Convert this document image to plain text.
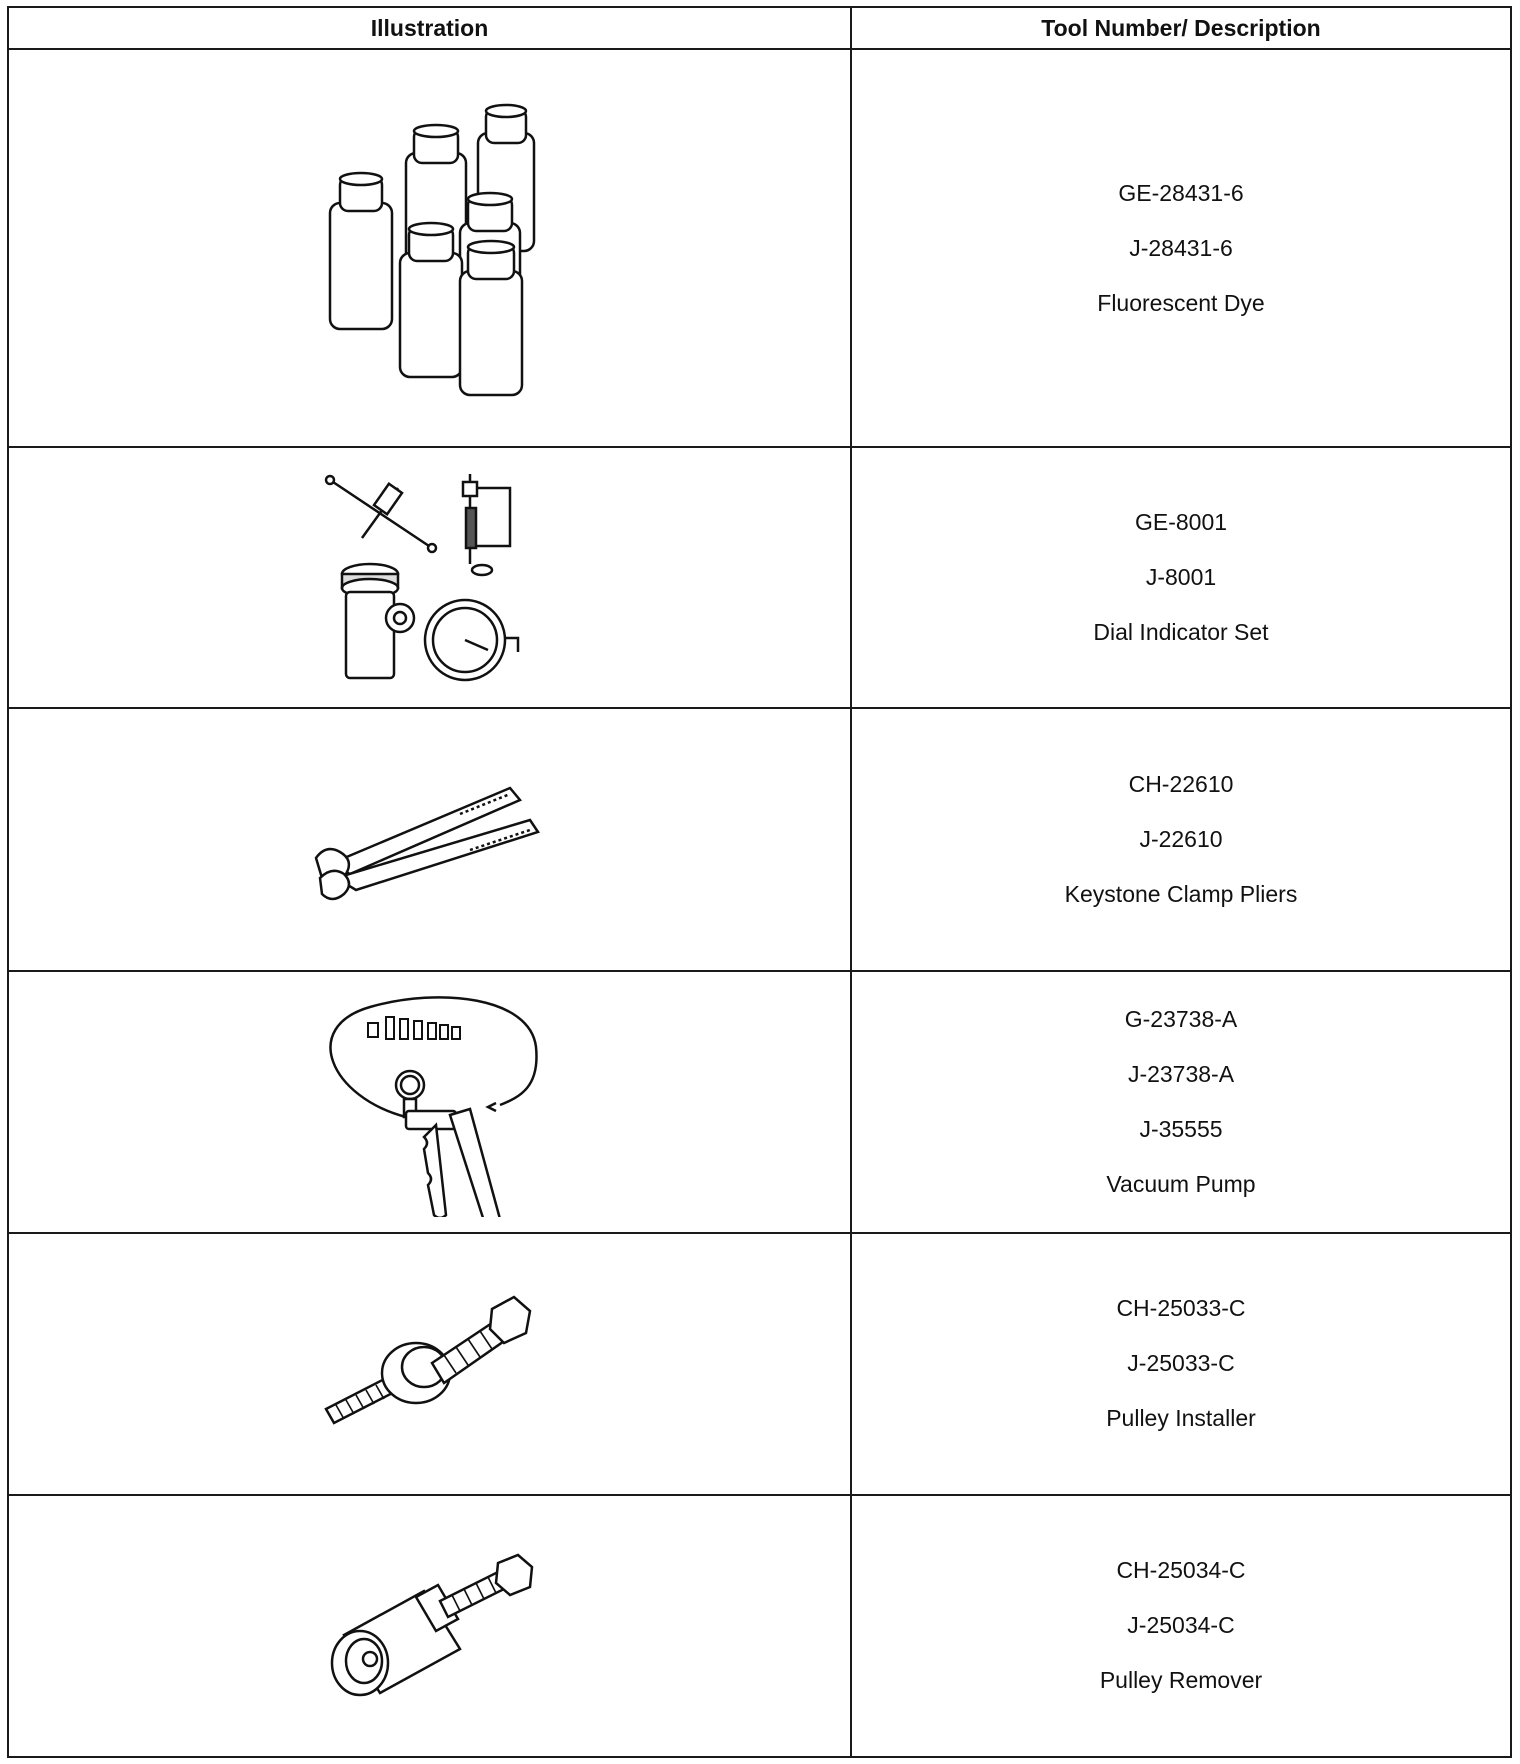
Illustration	Tool Number/ Description

GE-28431-6
J-28431-6
Fluorescent Dye

GE-8001
J-8001
Dial Indicator Set

CH-22610
J-22610
Keystone Clamp Pliers

G-23738-A
J-23738-A
J-35555
Vacuum Pump

CH-25033-C
J-25033-C
Pulley Installer

CH-25034-C
J-25034-C
Pulley Remover
